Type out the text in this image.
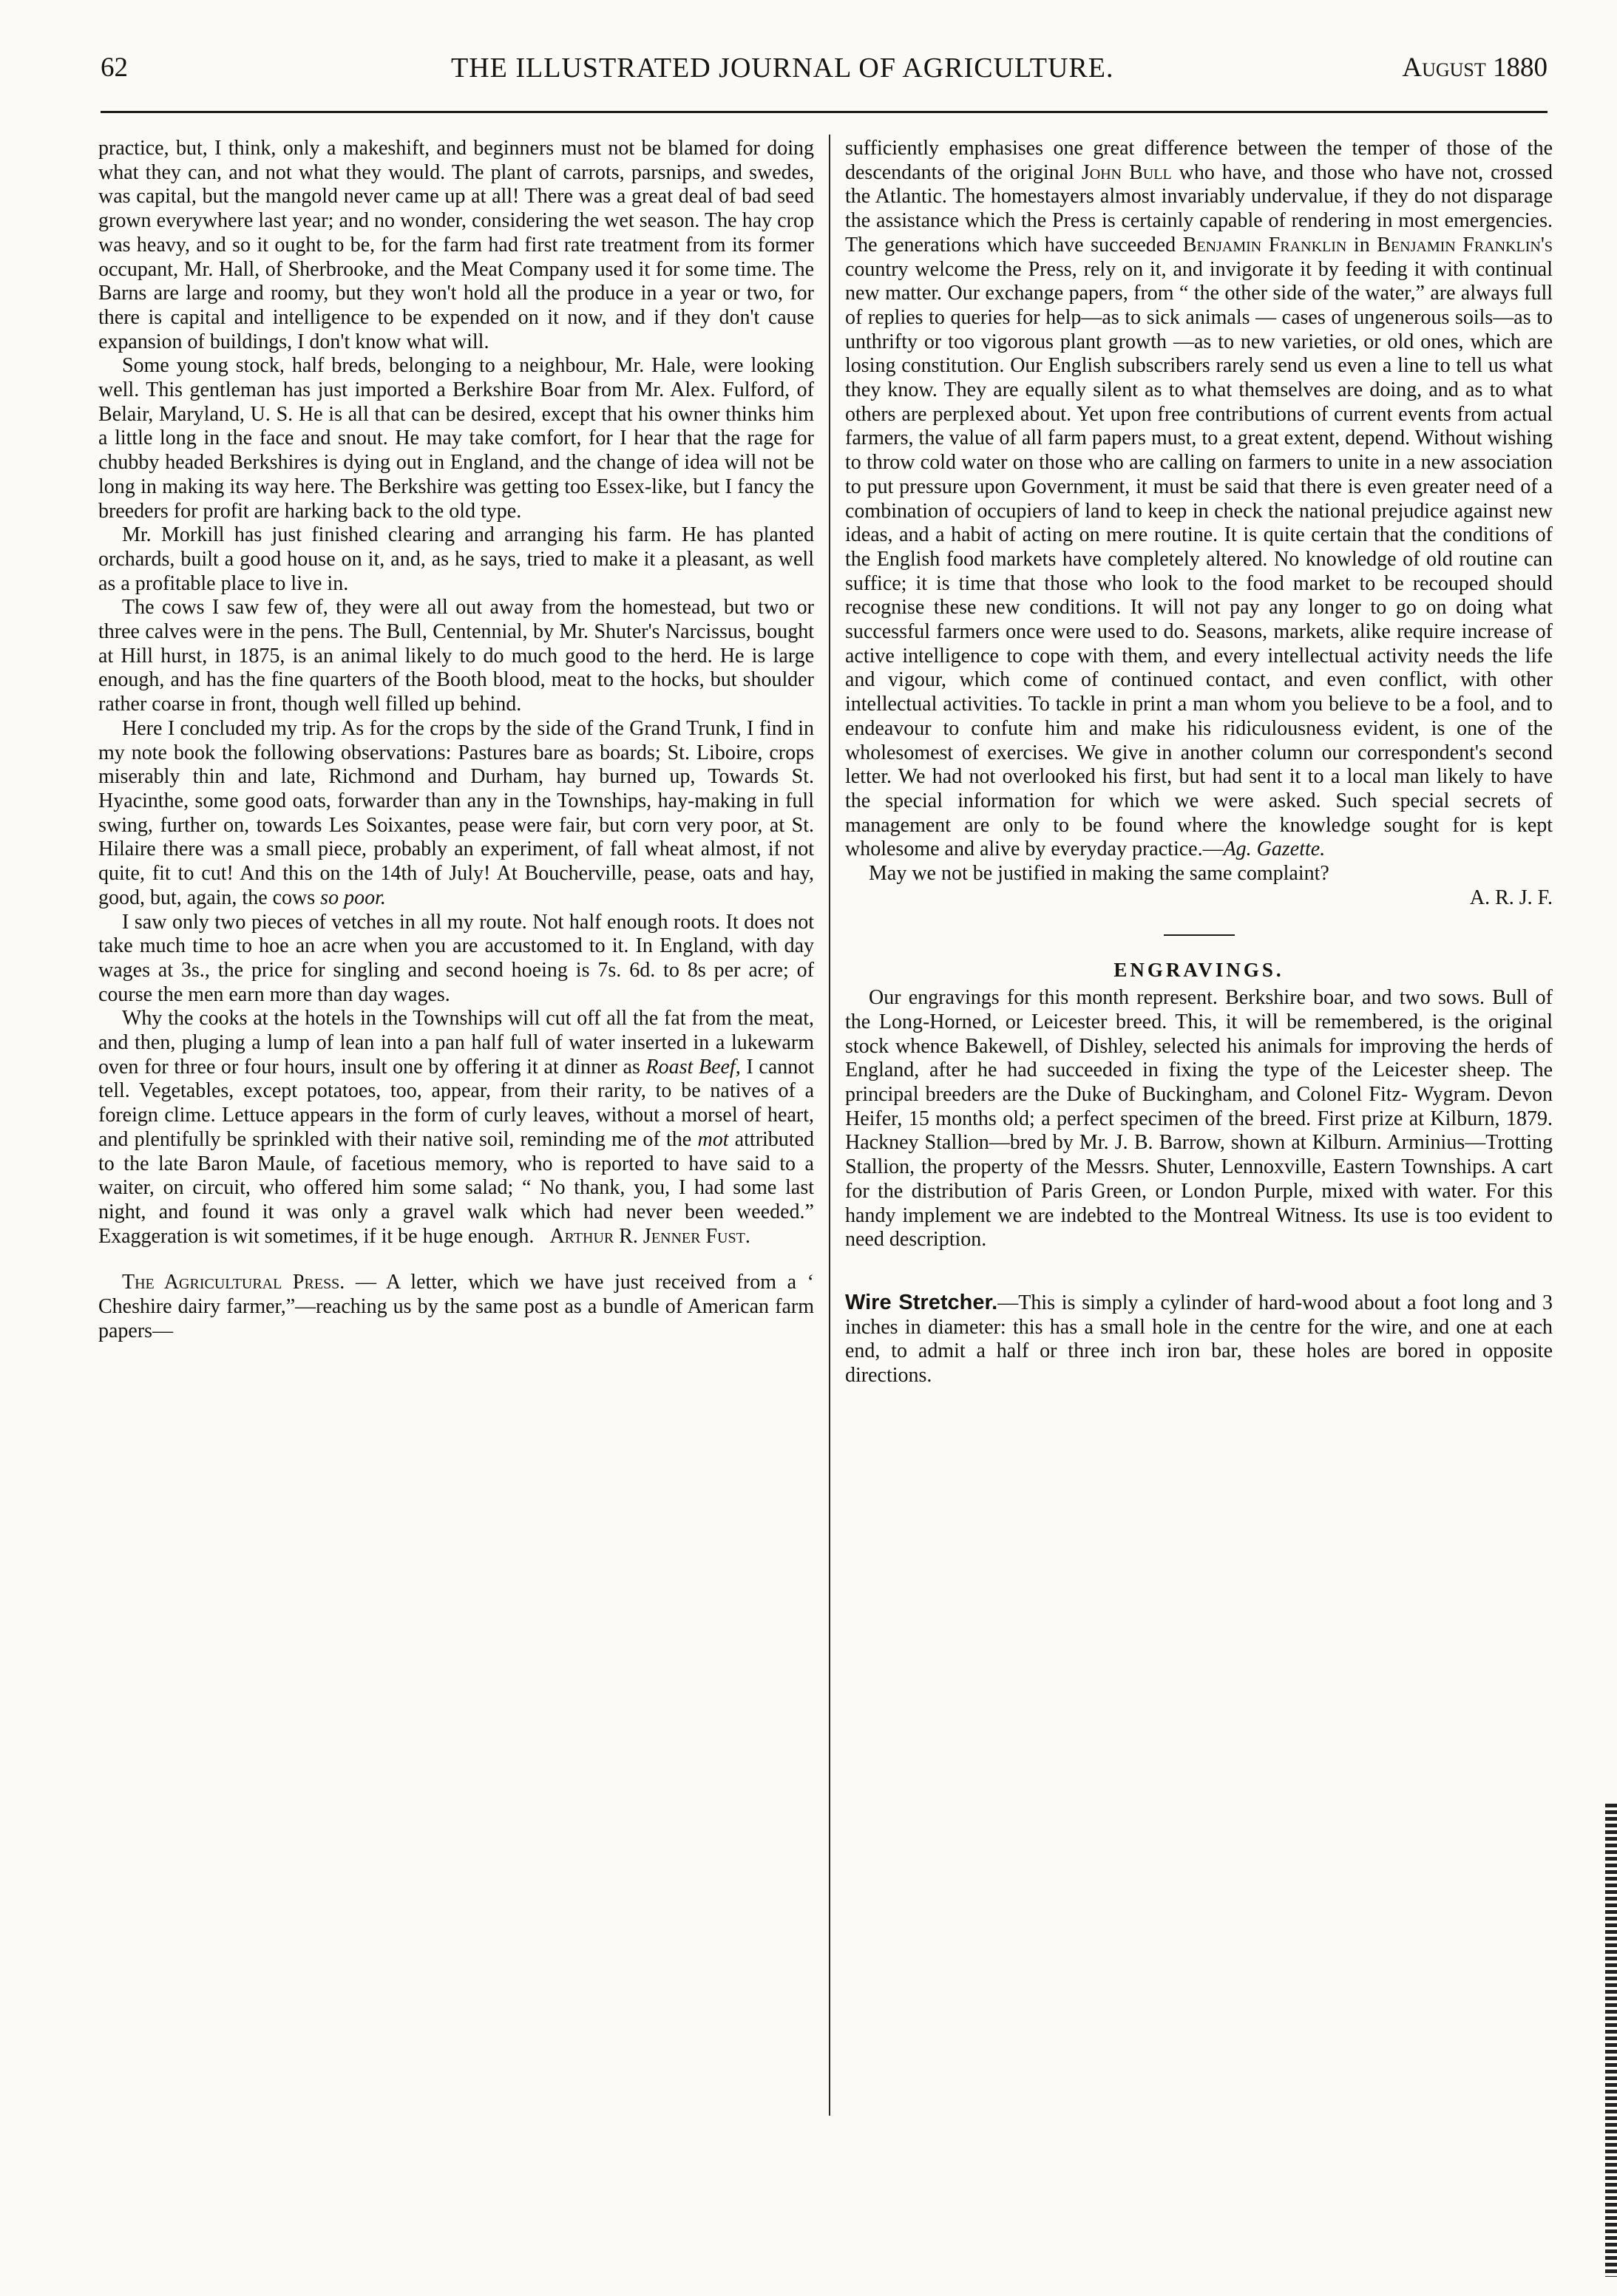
62	THE ILLUSTRATED JOURNAL OF AGRICULTURE.	August 1880

practice, but, I think, only a makeshift, and beginners must not be blamed for doing what they can, and not what they would. The plant of carrots, parsnips, and swedes, was capital, but the mangold never came up at all! There was a great deal of bad seed grown everywhere last year; and no wonder, considering the wet season. The hay crop was heavy, and so it ought to be, for the farm had first rate treatment from its former occupant, Mr. Hall, of Sherbrooke, and the Meat Company used it for some time. The Barns are large and roomy, but they won't hold all the produce in a year or two, for there is capital and intelligence to be expended on it now, and if they don't cause expansion of buildings, I don't know what will.

Some young stock, half breds, belonging to a neighbour, Mr. Hale, were looking well. This gentleman has just imported a Berkshire Boar from Mr. Alex. Fulford, of Belair, Maryland, U. S. He is all that can be desired, except that his owner thinks him a little long in the face and snout. He may take comfort, for I hear that the rage for chubby headed Berkshires is dying out in England, and the change of idea will not be long in making its way here. The Berkshire was getting too Essex-like, but I fancy the breeders for profit are harking back to the old type.

Mr. Morkill has just finished clearing and arranging his farm. He has planted orchards, built a good house on it, and, as he says, tried to make it a pleasant, as well as a profitable place to live in.

The cows I saw few of, they were all out away from the homestead, but two or three calves were in the pens. The Bull, Centennial, by Mr. Shuter's Narcissus, bought at Hill hurst, in 1875, is an animal likely to do much good to the herd. He is large enough, and has the fine quarters of the Booth blood, meat to the hocks, but shoulder rather coarse in front, though well filled up behind.

Here I concluded my trip. As for the crops by the side of the Grand Trunk, I find in my note book the following observations: Pastures bare as boards; St. Liboire, crops miserably thin and late, Richmond and Durham, hay burned up, Towards St. Hyacinthe, some good oats, forwarder than any in the Townships, hay-making in full swing, further on, towards Les Soixantes, pease were fair, but corn very poor, at St. Hilaire there was a small piece, probably an experiment, of fall wheat almost, if not quite, fit to cut! And this on the 14th of July! At Boucherville, pease, oats and hay, good, but, again, the cows so poor.

I saw only two pieces of vetches in all my route. Not half enough roots. It does not take much time to hoe an acre when you are accustomed to it. In England, with day wages at 3s., the price for singling and second hoeing is 7s. 6d. to 8s per acre; of course the men earn more than day wages.

Why the cooks at the hotels in the Townships will cut off all the fat from the meat, and then, pluging a lump of lean into a pan half full of water inserted in a lukewarm oven for three or four hours, insult one by offering it at dinner as Roast Beef, I cannot tell. Vegetables, except potatoes, too, appear, from their rarity, to be natives of a foreign clime. Lettuce appears in the form of curly leaves, without a morsel of heart, and plentifully be sprinkled with their native soil, reminding me of the mot attributed to the late Baron Maule, of facetious memory, who is reported to have said to a waiter, on circuit, who offered him some salad; “ No thank, you, I had some last night, and found it was only a gravel walk which had never been weeded.” Exaggeration is wit sometimes, if it be huge enough. Arthur R. Jenner Fust.

The Agricultural Press. — A letter, which we have just received from a ‘ Cheshire dairy farmer,”—reaching us by the same post as a bundle of American farm papers—

sufficiently emphasises one great difference between the temper of those of the descendants of the original John Bull who have, and those who have not, crossed the Atlantic. The homestayers almost invariably undervalue, if they do not disparage the assistance which the Press is certainly capable of rendering in most emergencies. The generations which have succeeded Benjamin Franklin in Benjamin Franklin's country welcome the Press, rely on it, and invigorate it by feeding it with continual new matter. Our exchange papers, from “ the other side of the water,” are always full of replies to queries for help—as to sick animals — cases of ungenerous soils—as to unthrifty or too vigorous plant growth —as to new varieties, or old ones, which are losing constitution. Our English subscribers rarely send us even a line to tell us what they know. They are equally silent as to what themselves are doing, and as to what others are perplexed about. Yet upon free contributions of current events from actual farmers, the value of all farm papers must, to a great extent, depend. Without wishing to throw cold water on those who are calling on farmers to unite in a new association to put pressure upon Government, it must be said that there is even greater need of a combination of occupiers of land to keep in check the national prejudice against new ideas, and a habit of acting on mere routine. It is quite certain that the conditions of the English food markets have completely altered. No knowledge of old routine can suffice; it is time that those who look to the food market to be recouped should recognise these new conditions. It will not pay any longer to go on doing what successful farmers once were used to do. Seasons, markets, alike require increase of active intelligence to cope with them, and every intellectual activity needs the life and vigour, which come of continued contact, and even conflict, with other intellectual activities. To tackle in print a man whom you believe to be a fool, and to endeavour to confute him and make his ridiculousness evident, is one of the wholesomest of exercises. We give in another column our correspondent's second letter. We had not overlooked his first, but had sent it to a local man likely to have the special information for which we were asked. Such special secrets of management are only to be found where the knowledge sought for is kept wholesome and alive by everyday practice.—Ag. Gazette.

May we not be justified in making the same complaint?

A. R. J. F.
ENGRAVINGS.

Our engravings for this month represent. Berkshire boar, and two sows. Bull of the Long-Horned, or Leicester breed. This, it will be remembered, is the original stock whence Bakewell, of Dishley, selected his animals for improving the herds of England, after he had succeeded in fixing the type of the Leicester sheep. The principal breeders are the Duke of Buckingham, and Colonel Fitz- Wygram. Devon Heifer, 15 months old; a perfect specimen of the breed. First prize at Kilburn, 1879. Hackney Stallion—bred by Mr. J. B. Barrow, shown at Kilburn. Arminius—Trotting Stallion, the property of the Messrs. Shuter, Lennoxville, Eastern Townships. A cart for the distribution of Paris Green, or London Purple, mixed with water. For this handy implement we are indebted to the Montreal Witness. Its use is too evident to need description.

Wire Stretcher.—This is simply a cylinder of hard-wood about a foot long and 3 inches in diameter: this has a small hole in the centre for the wire, and one at each end, to admit a half or three inch iron bar, these holes are bored in opposite directions.
